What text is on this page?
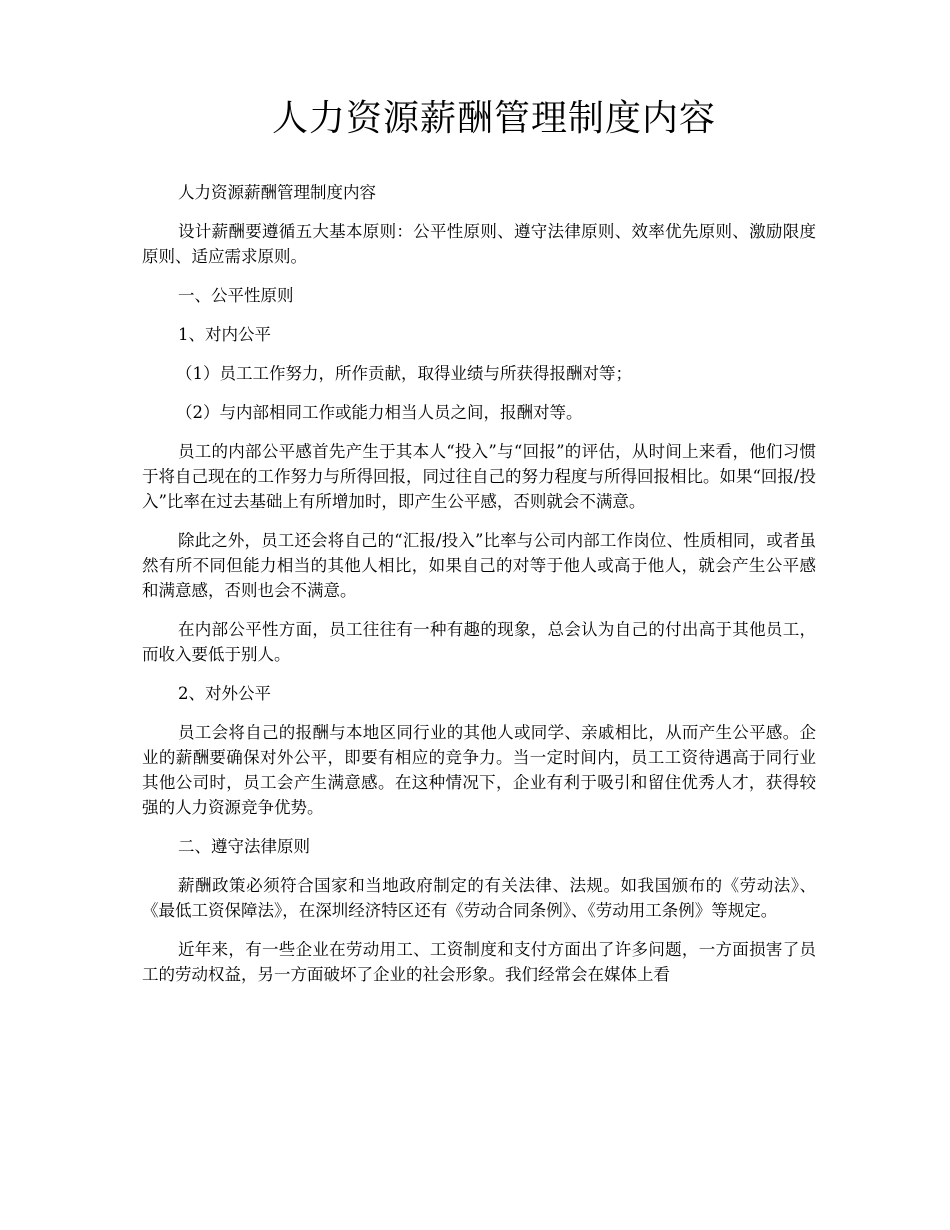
人力资源薪酬管理制度内容

人力资源薪酬管理制度内容

设计薪酬要遵循五大基本原则：公平性原则、遵守法律原则、效率优先原则、激励限度原则、适应需求原则。

一、公平性原则

1、对内公平

（1）员工工作努力，所作贡献，取得业绩与所获得报酬对等；

（2）与内部相同工作或能力相当人员之间，报酬对等。

员工的内部公平感首先产生于其本人“投入”与“回报”的评估，从时间上来看，他们习惯于将自己现在的工作努力与所得回报，同过往自己的努力程度与所得回报相比。如果“回报/投入”比率在过去基础上有所增加时，即产生公平感，否则就会不满意。

除此之外，员工还会将自己的“汇报/投入”比率与公司内部工作岗位、性质相同，或者虽然有所不同但能力相当的其他人相比，如果自己的对等于他人或高于他人，就会产生公平感和满意感，否则也会不满意。

在内部公平性方面，员工往往有一种有趣的现象，总会认为自己的付出高于其他员工，而收入要低于别人。

2、对外公平

员工会将自己的报酬与本地区同行业的其他人或同学、亲戚相比，从而产生公平感。企业的薪酬要确保对外公平，即要有相应的竞争力。当一定时间内，员工工资待遇高于同行业其他公司时，员工会产生满意感。在这种情况下，企业有利于吸引和留住优秀人才，获得较强的人力资源竞争优势。

二、遵守法律原则

薪酬政策必须符合国家和当地政府制定的有关法律、法规。如我国颁布的《劳动法》、《最低工资保障法》，在深圳经济特区还有《劳动合同条例》、《劳动用工条例》等规定。

近年来，有一些企业在劳动用工、工资制度和支付方面出了许多问题，一方面损害了员工的劳动权益，另一方面破坏了企业的社会形象。我们经常会在媒体上看
